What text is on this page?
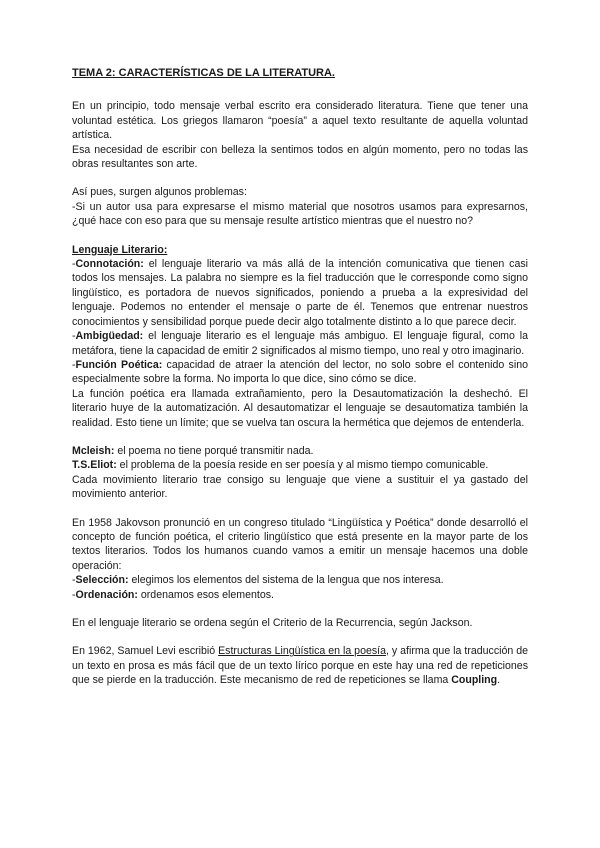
TEMA 2: CARACTERÍSTICAS DE LA LITERATURA.

En un principio, todo mensaje verbal escrito era considerado literatura. Tiene que tener una voluntad estética. Los griegos llamaron “poesía” a aquel texto resultante de aquella voluntad artística.

Esa necesidad de escribir con belleza la sentimos todos en algún momento, pero no todas las obras resultantes son arte.

Así pues, surgen algunos problemas:

-Si un autor usa para expresarse el mismo material que nosotros usamos para expresarnos, ¿qué hace con eso para que su mensaje resulte artístico mientras que el nuestro no?

Lenguaje Literario:

-Connotación: el lenguaje literario va más allá de la intención comunicativa que tienen casi todos los mensajes. La palabra no siempre es la fiel traducción que le corresponde como signo lingüístico, es portadora de nuevos significados, poniendo a prueba a la expresividad del lenguaje. Podemos no entender el mensaje o parte de él. Tenemos que entrenar nuestros conocimientos y sensibilidad porque puede decir algo totalmente distinto a lo que parece decir.

-Ambigüedad: el lenguaje literario es el lenguaje más ambiguo. El lenguaje figural, como la metáfora, tiene la capacidad de emitir 2 significados al mismo tiempo, uno real y otro imaginario.

-Función Poética: capacidad de atraer la atención del lector, no solo sobre el contenido sino especialmente sobre la forma. No importa lo que dice, sino cómo se dice.

La función poética era llamada extrañamiento, pero la Desautomatización la deshechó. El literario huye de la automatización. Al desautomatizar el lenguaje se desautomatiza también la realidad. Esto tiene un límite; que se vuelva tan oscura la hermética que dejemos de entenderla.

Mcleish: el poema no tiene porqué transmitir nada.

T.S.Eliot: el problema de la poesía reside en ser poesía y al mismo tiempo comunicable.

Cada movimiento literario trae consigo su lenguaje que viene a sustituir el ya gastado del movimiento anterior.

En 1958 Jakovson pronunció en un congreso titulado “Lingüística y Poética” donde desarrolló el concepto de función poética, el criterio lingüístico que está presente en la mayor parte de los textos literarios. Todos los humanos cuando vamos a emitir un mensaje hacemos una doble operación:

-Selección: elegimos los elementos del sistema de la lengua que nos interesa.

-Ordenación: ordenamos esos elementos.

En el lenguaje literario se ordena según el Criterio de la Recurrencia, según Jackson.

En 1962, Samuel Levi escribió Estructuras Lingüística en la poesía, y afirma que la traducción de un texto en prosa es más fácil que de un texto lírico porque en este hay una red de repeticiones que se pierde en la traducción. Este mecanismo de red de repeticiones se llama Coupling.
